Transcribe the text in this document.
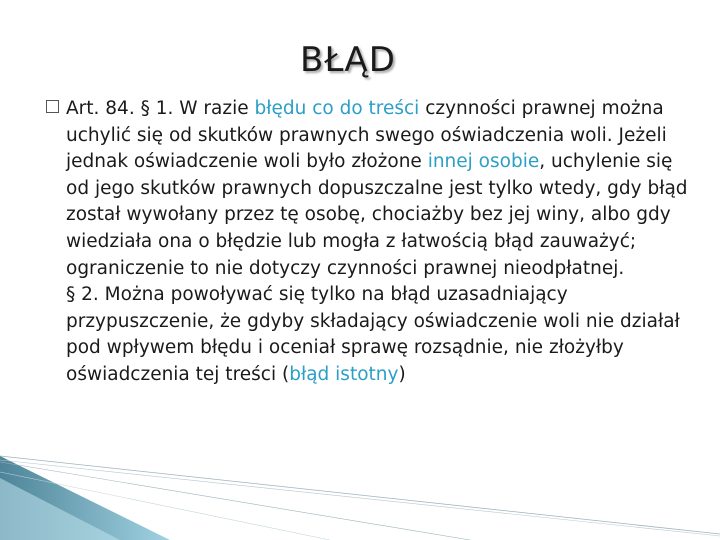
BŁĄD

Art. 84. § 1. W razie błędu co do treści czynności prawnej można uchylić się od skutków prawnych swego oświadczenia woli. Jeżeli jednak oświadczenie woli było złożone innej osobie, uchylenie się od jego skutków prawnych dopuszczalne jest tylko wtedy, gdy błąd został wywołany przez tę osobę, chociażby bez jej winy, albo gdy wiedziała ona o błędzie lub mogła z łatwością błąd zauważyć; ograniczenie to nie dotyczy czynności prawnej nieodpłatnej.
§ 2. Można powoływać się tylko na błąd uzasadniający przypuszczenie, że gdyby składający oświadczenie woli nie działał pod wpływem błędu i oceniał sprawę rozsądnie, nie złożyłby oświadczenia tej treści (błąd istotny)
